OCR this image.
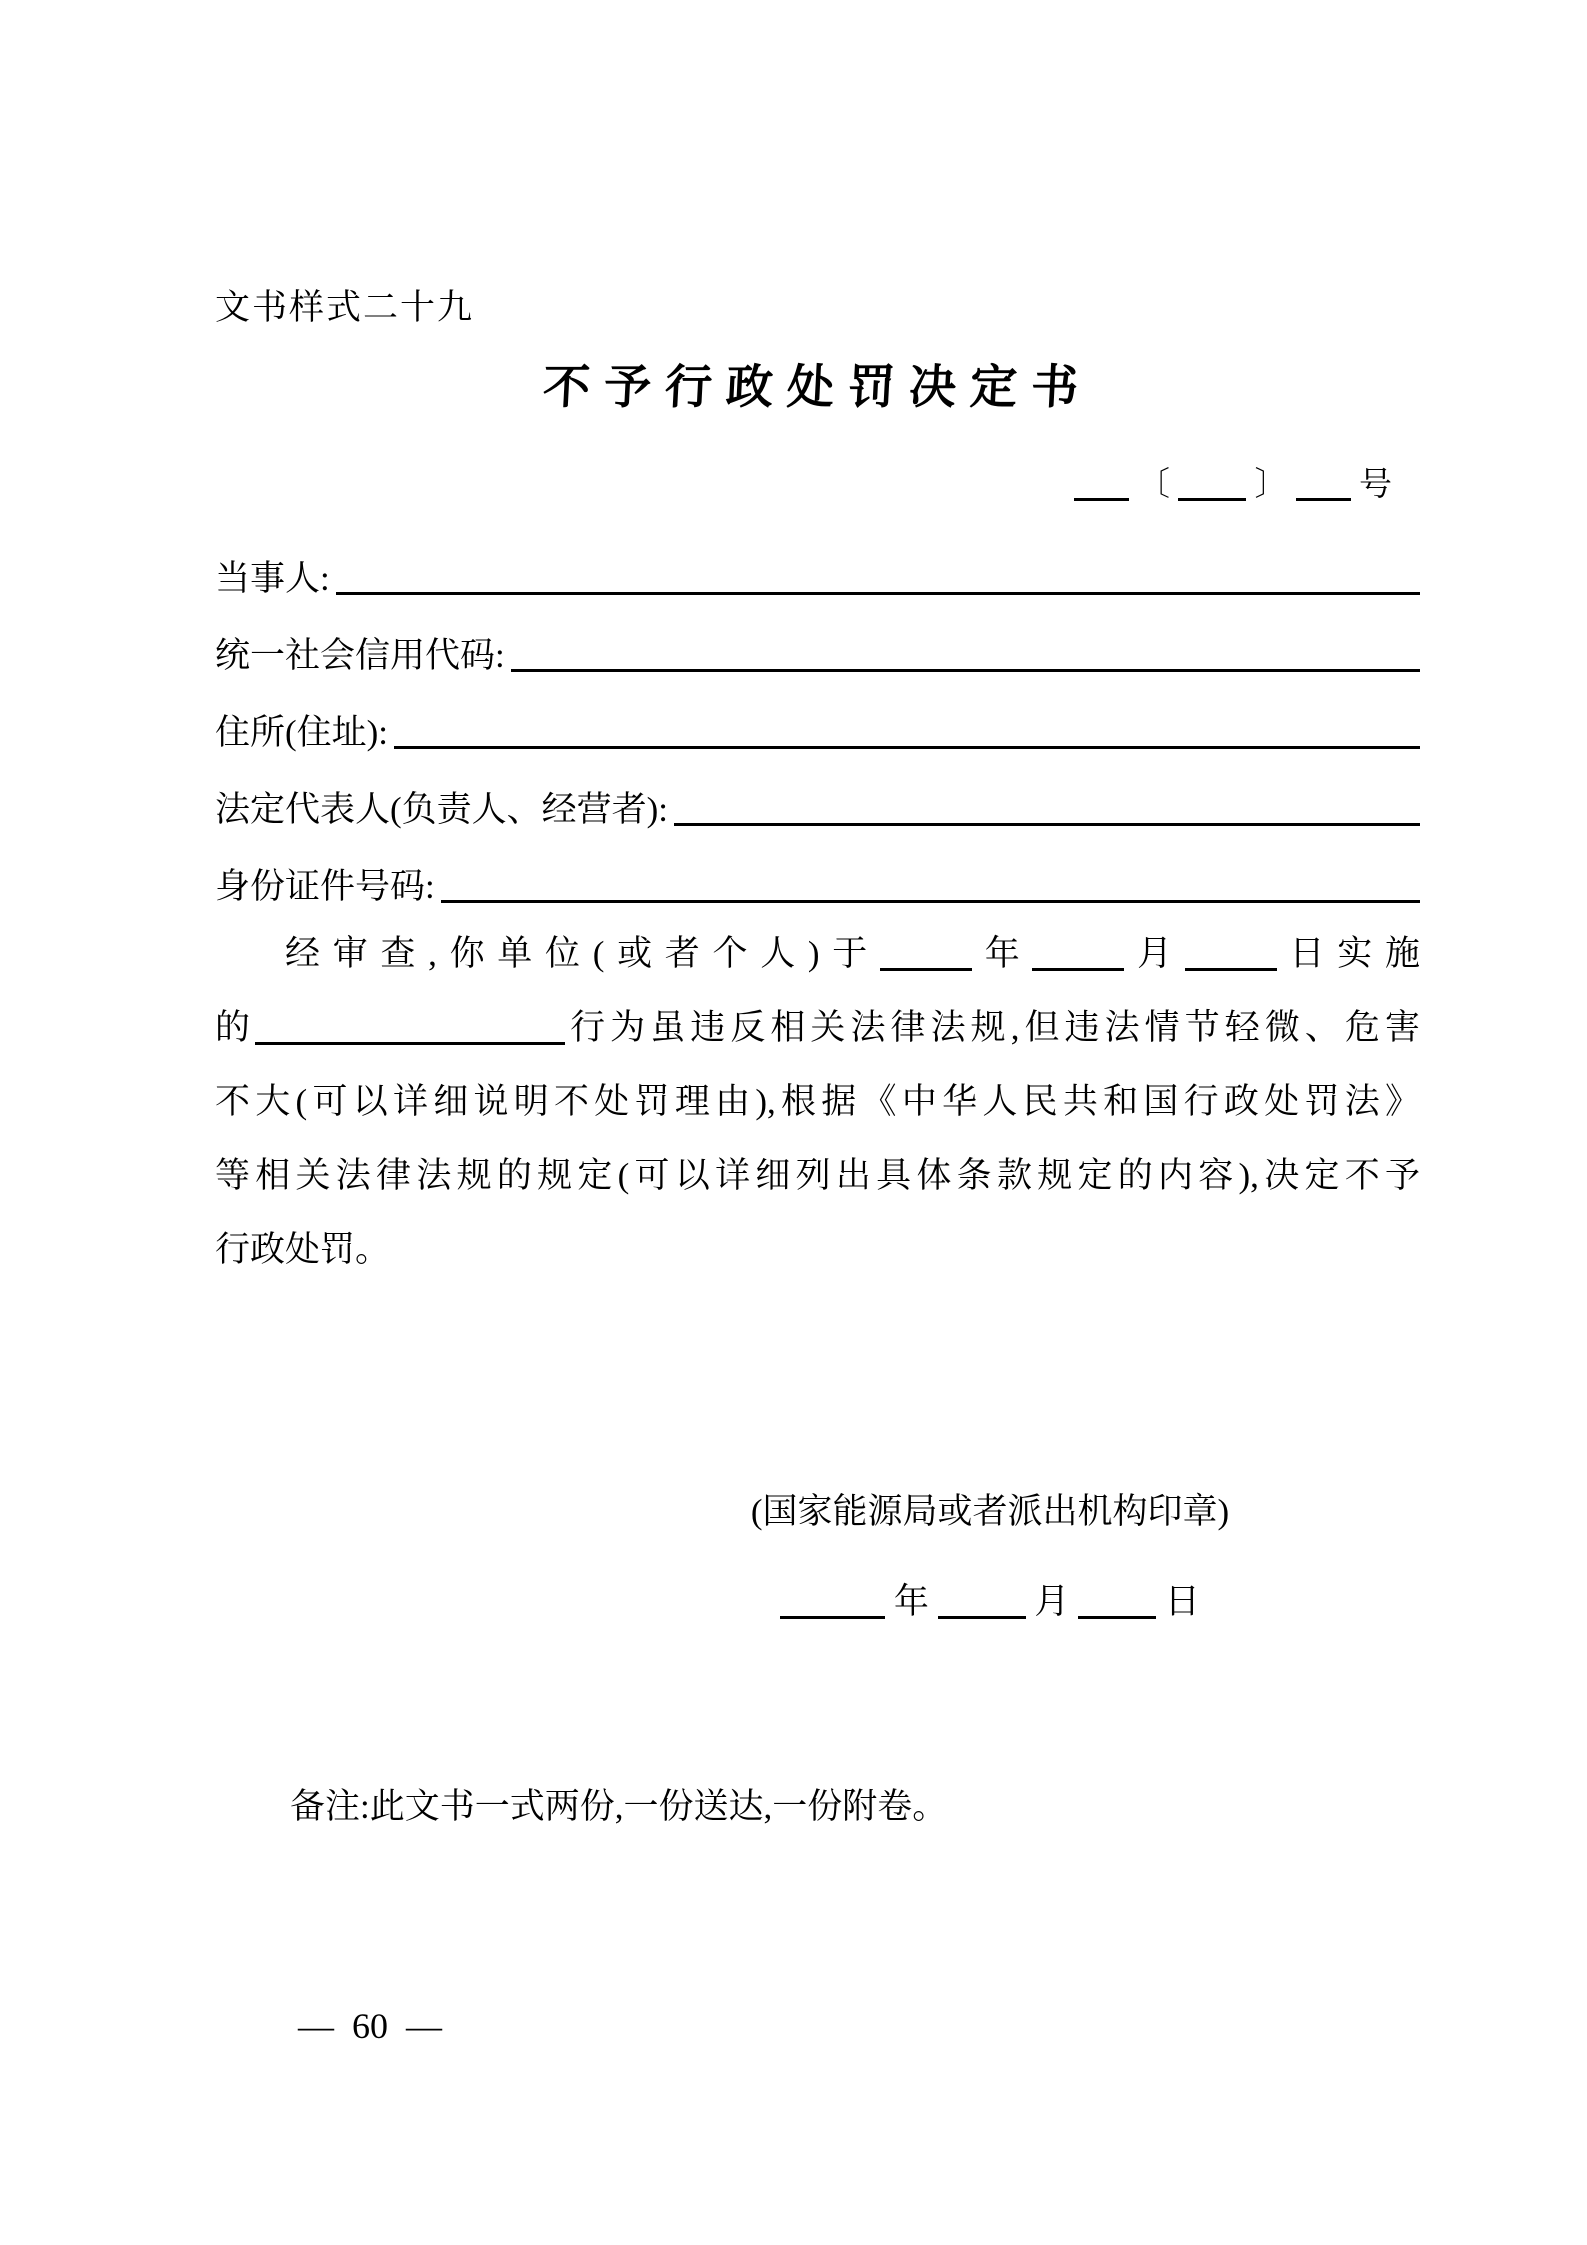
文书样式二十九
不予行政处罚决定书
〔	〕 号
当事人:
统一社会信用代码:
住所(住址):
法定代表人(负责人、经营者):
身份证件号码:
经审查,你单位(或者个人)于	年	月	日实施
的	行为虽违反相关法律法规,但违法情节轻微、危害
不大(可以详细说明不处罚理由),根据《中华人民共和国行政处罚法》
等相关法律法规的规定(可以详细列出具体条款规定的内容),决定不予
行政处罚。
(国家能源局或者派出机构印章)
年	月	日
备注:此文书一式两份,一份送达,一份附卷。
— 60 —
